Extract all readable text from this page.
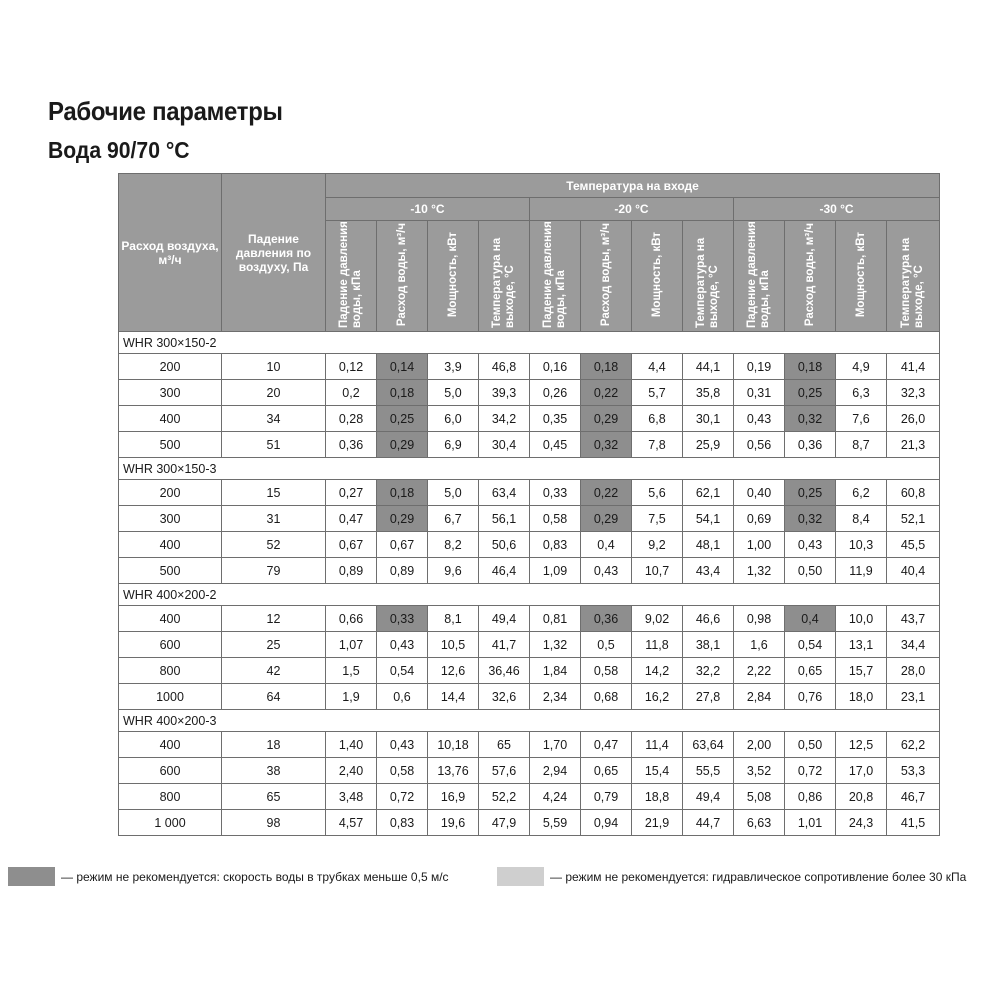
Рабочие параметры
Вода 90/70 °С
Расход воздуха, м³/ч	Падение давления по воздуху, Па	Температура на входе											
		-10 °С				-20 °С				-30 °С			
		Падение давления воды, кПа	Расход воды, м³/ч	Мощность, кВт	Температура на выходе, °С	Падение давления воды, кПа	Расход воды, м³/ч	Мощность, кВт	Температура на выходе, °С	Падение давления воды, кПа	Расход воды, м³/ч	Мощность, кВт	Температура на выходе, °С
WHR 300×150-2													
200	10	0,12	0,14	3,9	46,8	0,16	0,18	4,4	44,1	0,19	0,18	4,9	41,4
300	20	0,2	0,18	5,0	39,3	0,26	0,22	5,7	35,8	0,31	0,25	6,3	32,3
400	34	0,28	0,25	6,0	34,2	0,35	0,29	6,8	30,1	0,43	0,32	7,6	26,0
500	51	0,36	0,29	6,9	30,4	0,45	0,32	7,8	25,9	0,56	0,36	8,7	21,3
WHR 300×150-3													
200	15	0,27	0,18	5,0	63,4	0,33	0,22	5,6	62,1	0,40	0,25	6,2	60,8
300	31	0,47	0,29	6,7	56,1	0,58	0,29	7,5	54,1	0,69	0,32	8,4	52,1
400	52	0,67	0,67	8,2	50,6	0,83	0,4	9,2	48,1	1,00	0,43	10,3	45,5
500	79	0,89	0,89	9,6	46,4	1,09	0,43	10,7	43,4	1,32	0,50	11,9	40,4
WHR 400×200-2													
400	12	0,66	0,33	8,1	49,4	0,81	0,36	9,02	46,6	0,98	0,4	10,0	43,7
600	25	1,07	0,43	10,5	41,7	1,32	0,5	11,8	38,1	1,6	0,54	13,1	34,4
800	42	1,5	0,54	12,6	36,46	1,84	0,58	14,2	32,2	2,22	0,65	15,7	28,0
1000	64	1,9	0,6	14,4	32,6	2,34	0,68	16,2	27,8	2,84	0,76	18,0	23,1
WHR 400×200-3													
400	18	1,40	0,43	10,18	65	1,70	0,47	11,4	63,64	2,00	0,50	12,5	62,2
600	38	2,40	0,58	13,76	57,6	2,94	0,65	15,4	55,5	3,52	0,72	17,0	53,3
800	65	3,48	0,72	16,9	52,2	4,24	0,79	18,8	49,4	5,08	0,86	20,8	46,7
1 000	98	4,57	0,83	19,6	47,9	5,59	0,94	21,9	44,7	6,63	1,01	24,3	41,5
— режим не рекомендуется: скорость воды в трубках меньше 0,5 м/с	— режим не рекомендуется: гидравлическое сопротивление более 30 кПа
